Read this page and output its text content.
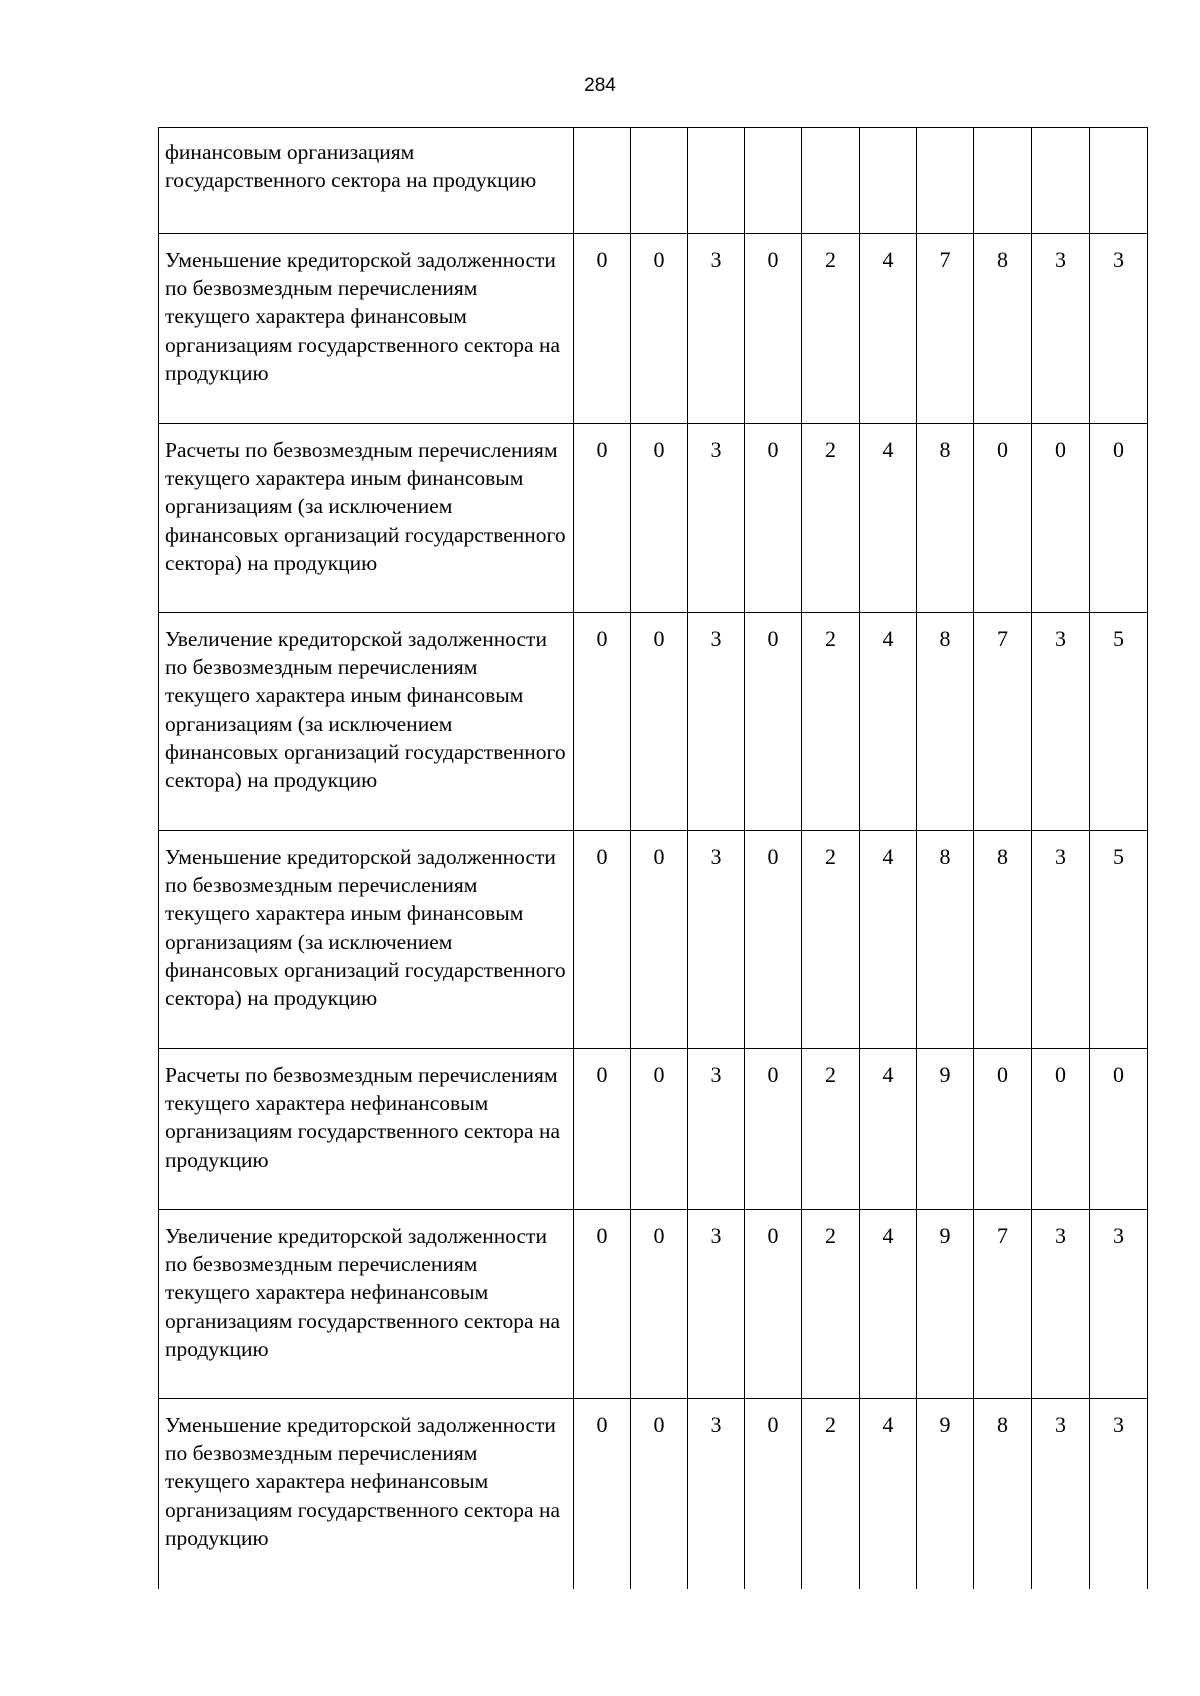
284
финансовым организациям государственного сектора на продукцию										
Уменьшение кредиторской задолженности по безвозмездным перечислениям текущего характера финансовым организациям государственного сектора на продукцию	0	0	3	0	2	4	7	8	3	3
Расчеты по безвозмездным перечислениям текущего характера иным финансовым организациям (за исключением финансовых организаций государственного сектора) на продукцию	0	0	3	0	2	4	8	0	0	0
Увеличение кредиторской задолженности по безвозмездным перечислениям текущего характера иным финансовым организациям (за исключением финансовых организаций государственного сектора) на продукцию	0	0	3	0	2	4	8	7	3	5
Уменьшение кредиторской задолженности по безвозмездным перечислениям текущего характера иным финансовым организациям (за исключением финансовых организаций государственного сектора) на продукцию	0	0	3	0	2	4	8	8	3	5
Расчеты по безвозмездным перечислениям текущего характера нефинансовым организациям государственного сектора на продукцию	0	0	3	0	2	4	9	0	0	0
Увеличение кредиторской задолженности по безвозмездным перечислениям текущего характера нефинансовым организациям государственного сектора на продукцию	0	0	3	0	2	4	9	7	3	3
Уменьшение кредиторской задолженности по безвозмездным перечислениям текущего характера нефинансовым организациям государственного сектора на продукцию	0	0	3	0	2	4	9	8	3	3
